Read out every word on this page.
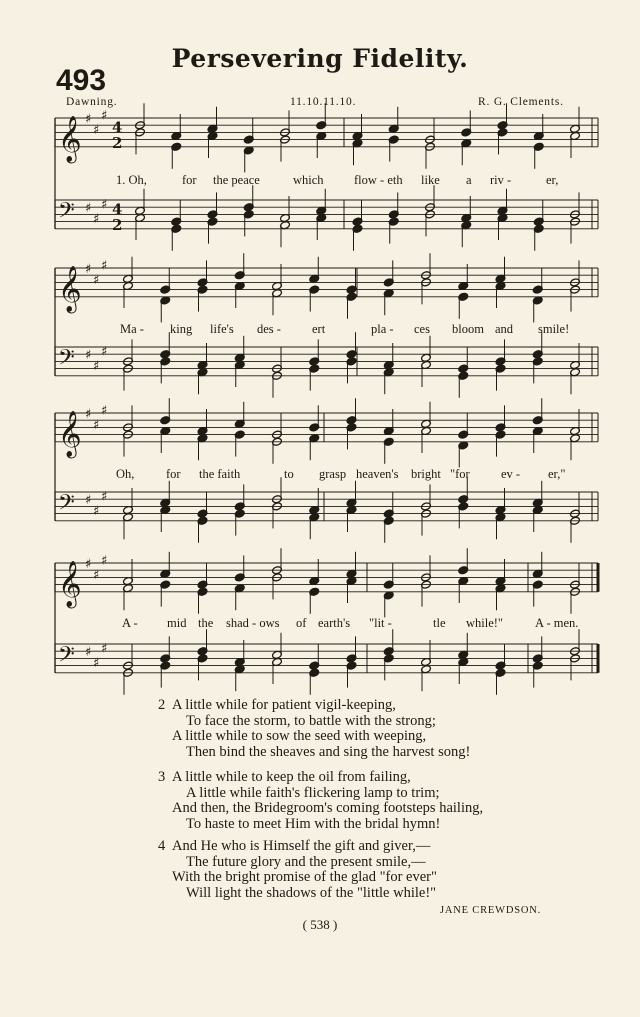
Persevering Fidelity.
493
Dawning.	11.10.11.10.	R. G. Clements.
𝄞 ♯
♯
♯
4
2
𝄢 ♯
♯
♯ 4
2
𝄞 ♯
♯
♯
𝄢 ♯
♯
♯
𝄞 ♯
♯
♯
𝄢 ♯
♯
♯
𝄞 ♯
♯
♯
𝄢 ♯
♯
♯
1. Oh,	for the peace	which flow - eth like a riv -	er,
Ma - king life's des - ert	pla - ces bloom and smile!
Oh,	for the faith	to grasp heaven's bright "for	ev - er,"
A - mid the shad - ows of earth's "lit -	tle while!"	A - men.
2 A little while for patient vigil-keeping,
To face the storm, to battle with the strong;
A little while to sow the seed with weeping,
Then bind the sheaves and sing the harvest song!
3 A little while to keep the oil from failing,
A little while faith's flickering lamp to trim;
And then, the Bridegroom's coming footsteps hailing,
To haste to meet Him with the bridal hymn!
4 And He who is Himself the gift and giver,—
The future glory and the present smile,—
With the bright promise of the glad "for ever"
Will light the shadows of the "little while!"
JANE CREWDSON.
( 538 )
